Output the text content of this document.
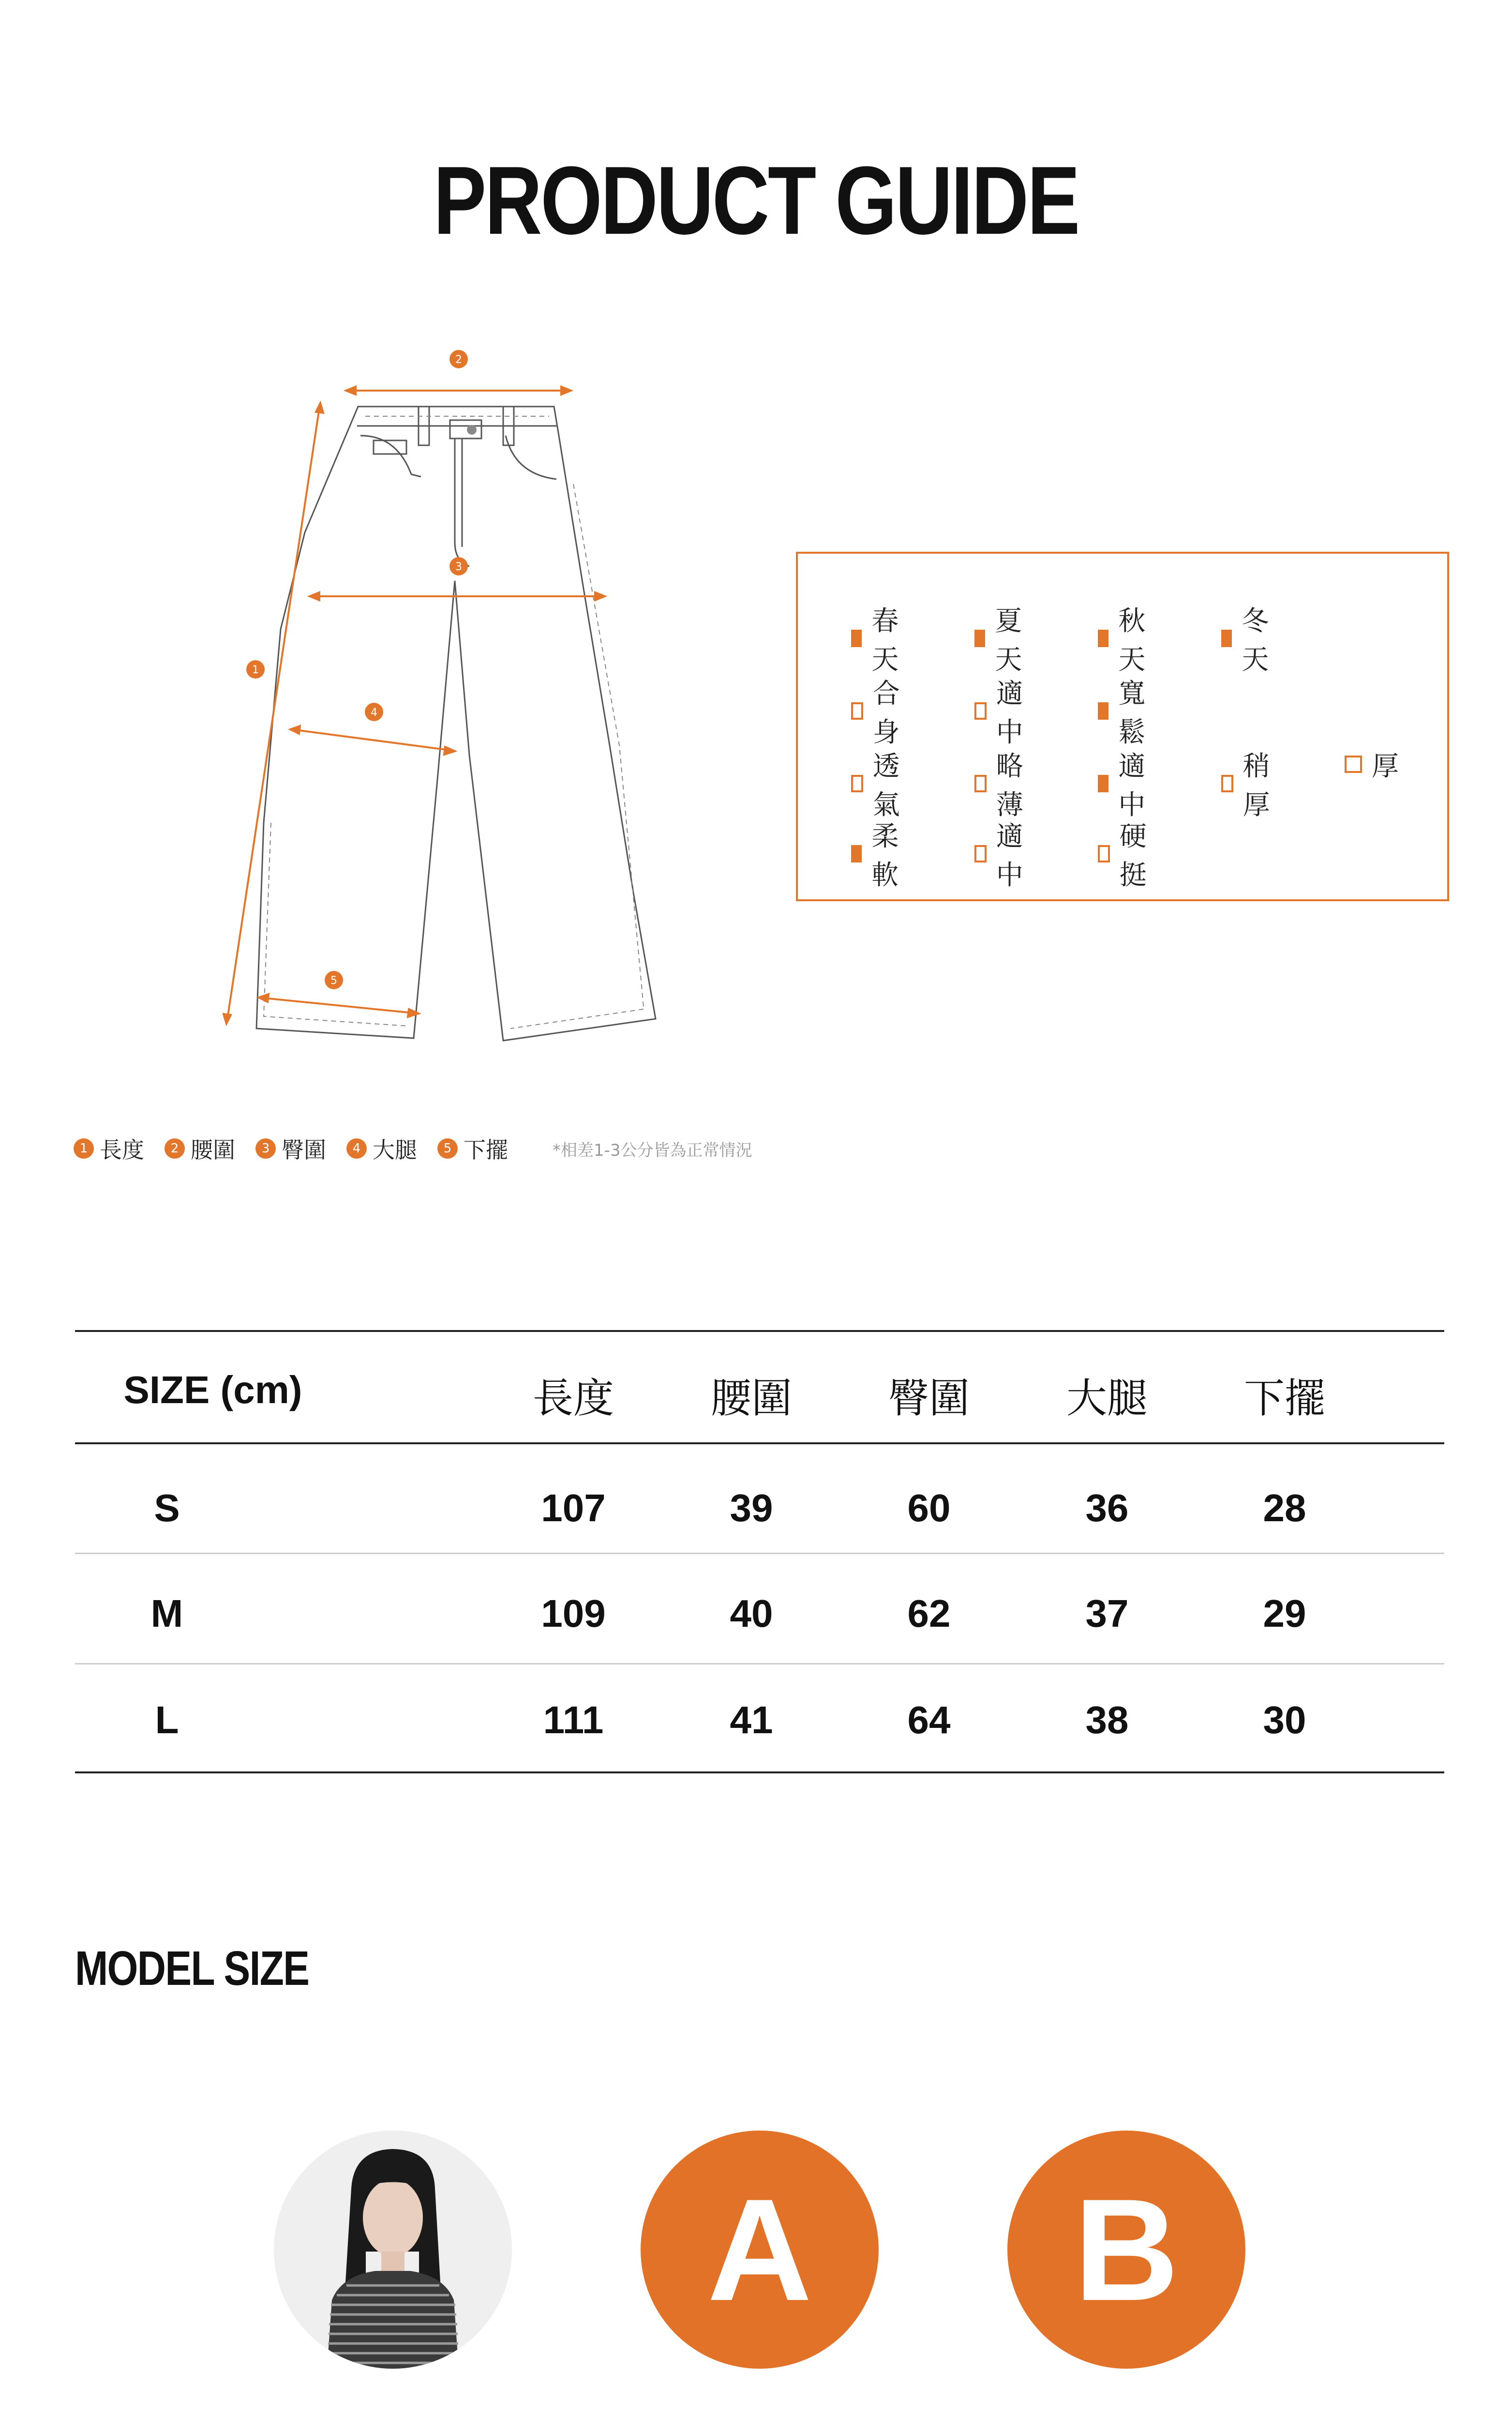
PRODUCT GUIDE
2
3
1
4
5
春天
夏天
秋天
冬天
合身
適中
寬鬆
透氣
略薄
適中
稍厚
厚
柔軟
適中
硬挺
1 長度	2 腰圍	3 臀圍	4 大腿	5 下擺	*相差1-3公分皆為正常情況
SIZE (cm)	長度	腰圍	臀圍	大腿	下擺
S	107	39	60	36	28
M	109	40	62	37	29
L	111	41	64	38	30
MODEL SIZE
A	B
